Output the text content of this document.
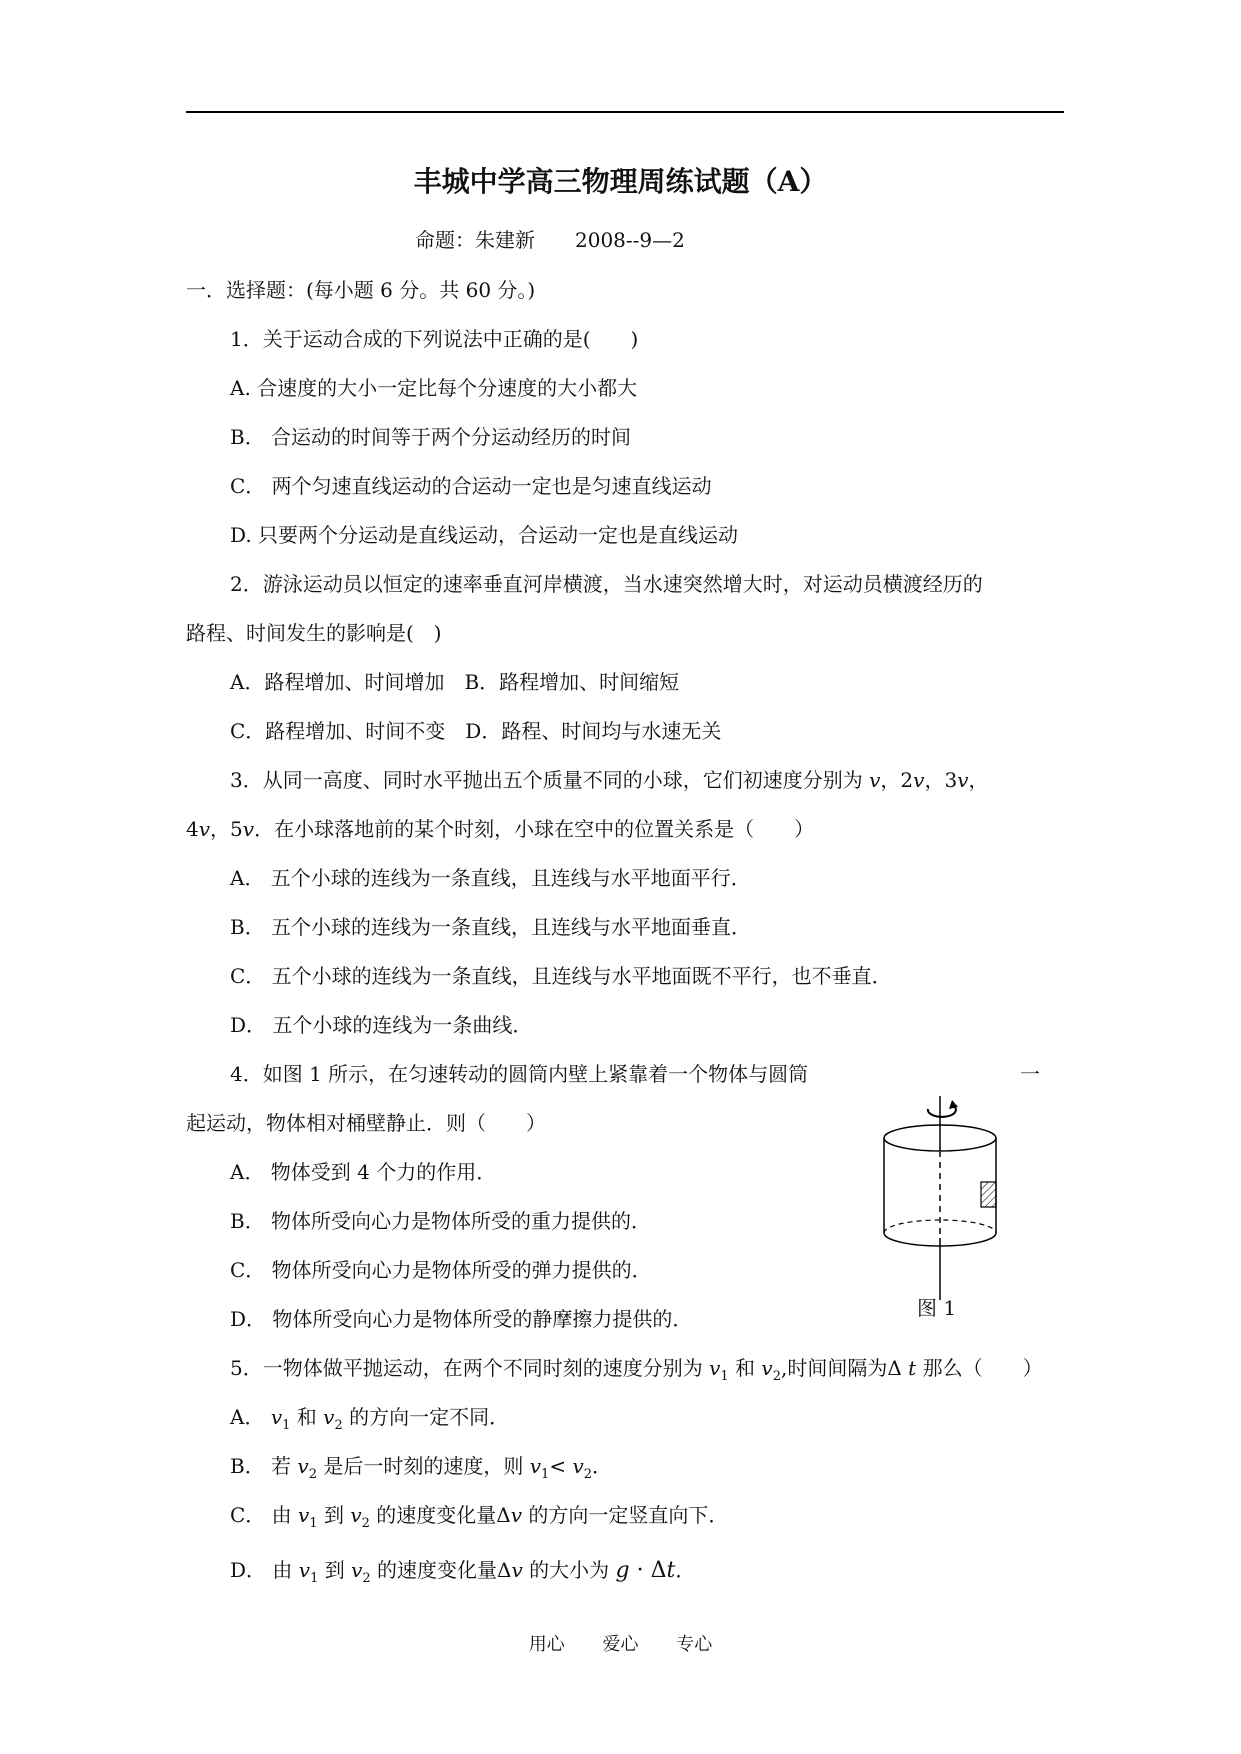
丰城中学高三物理周练试题（A）
命题：朱建新　　2008--9—2
一．选择题：(每小题 6 分。共 60 分。)
1．关于运动合成的下列说法中正确的是(　　)
A. 合速度的大小一定比每个分速度的大小都大
B． 合运动的时间等于两个分运动经历的时间
C． 两个匀速直线运动的合运动一定也是匀速直线运动
D. 只要两个分运动是直线运动，合运动一定也是直线运动
2．游泳运动员以恒定的速率垂直河岸横渡，当水速突然增大时，对运动员横渡经历的
路程、时间发生的影响是(　)
A．路程增加、时间增加　B．路程增加、时间缩短
C．路程增加、时间不变　D．路程、时间均与水速无关
3．从同一高度、同时水平抛出五个质量不同的小球，它们初速度分别为 v，2v，3v，
4v，5v．在小球落地前的某个时刻，小球在空中的位置关系是（　　）
A． 五个小球的连线为一条直线，且连线与水平地面平行．
B． 五个小球的连线为一条直线，且连线与水平地面垂直．
C． 五个小球的连线为一条直线，且连线与水平地面既不平行，也不垂直．
D． 五个小球的连线为一条曲线．
4．如图 1 所示，在匀速转动的圆筒内壁上紧靠着一个物体与圆筒	一
起运动，物体相对桶壁静止．则（　　）
A． 物体受到 4 个力的作用．
B． 物体所受向心力是物体所受的重力提供的．
C． 物体所受向心力是物体所受的弹力提供的．
D． 物体所受向心力是物体所受的静摩擦力提供的．	图 1
5．一物体做平抛运动，在两个不同时刻的速度分别为 $v_1$ 和 $v_2$,时间间隔为Δ t 那么（　　）
A． $v_1$ 和 $v_2$ 的方向一定不同．
B． 若 $v_2$ 是后一时刻的速度，则 $v_1< v_2$．
C． 由 $v_1$ 到 $v_2$ 的速度变化量Δv 的方向一定竖直向下．
D． 由 $v_1$ 到 $v_2$ 的速度变化量Δv 的大小为 g · Δt．
用心 爱心 专心
